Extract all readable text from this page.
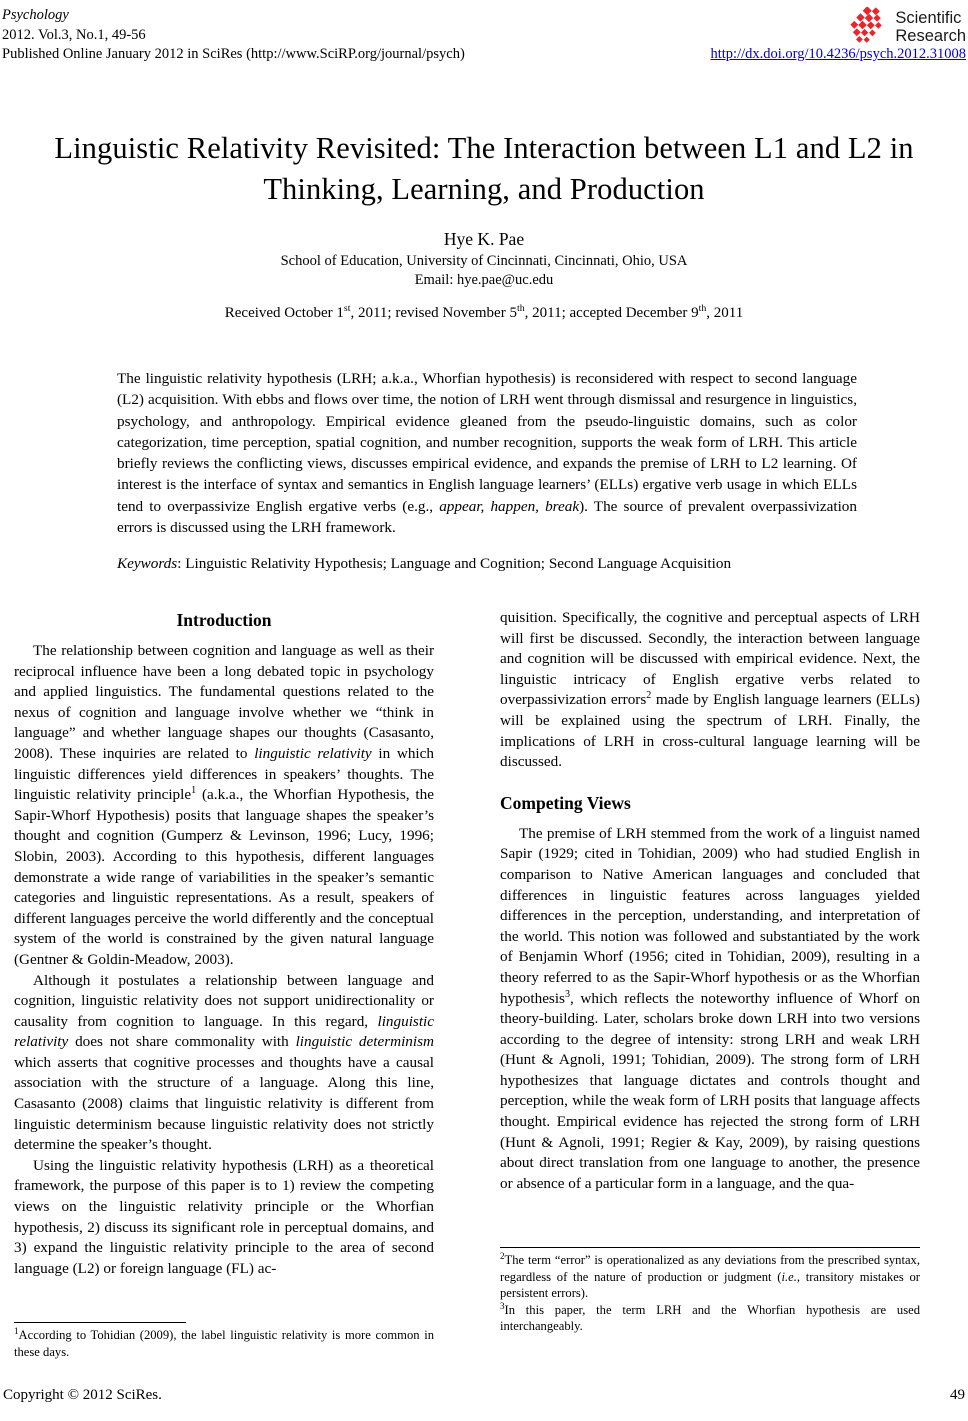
Psychology
2012. Vol.3, No.1, 49-56
Published Online January 2012 in SciRes (http://www.SciRP.org/journal/psych)
Scientific
Research
http://dx.doi.org/10.4236/psych.2012.31008
Linguistic Relativity Revisited: The Interaction between L1 and L2 in Thinking, Learning, and Production
Hye K. Pae
School of Education, University of Cincinnati, Cincinnati, Ohio, USA
Email: hye.pae@uc.edu
Received October 1st, 2011; revised November 5th, 2011; accepted December 9th, 2011
The linguistic relativity hypothesis (LRH; a.k.a., Whorfian hypothesis) is reconsidered with respect to second language (L2) acquisition. With ebbs and flows over time, the notion of LRH went through dismissal and resurgence in linguistics, psychology, and anthropology. Empirical evidence gleaned from the pseudo-linguistic domains, such as color categorization, time perception, spatial cognition, and number recognition, supports the weak form of LRH. This article briefly reviews the conflicting views, discusses empirical evidence, and expands the premise of LRH to L2 learning. Of interest is the interface of syntax and semantics in English language learners’ (ELLs) ergative verb usage in which ELLs tend to overpassivize English ergative verbs (e.g., appear, happen, break). The source of prevalent overpassivization errors is discussed using the LRH framework.
Keywords: Linguistic Relativity Hypothesis; Language and Cognition; Second Language Acquisition
Introduction

The relationship between cognition and language as well as their reciprocal influence have been a long debated topic in psychology and applied linguistics. The fundamental questions related to the nexus of cognition and language involve whether we “think in language” and whether language shapes our thoughts (Casasanto, 2008). These inquiries are related to linguistic relativity in which linguistic differences yield differences in speakers’ thoughts. The linguistic relativity principle$^1$ (a.k.a., the Whorfian Hypothesis, the Sapir-Whorf Hypothesis) posits that language shapes the speaker’s thought and cognition (Gumperz & Levinson, 1996; Lucy, 1996; Slobin, 2003). According to this hypothesis, different languages demonstrate a wide range of variabilities in the speaker’s semantic categories and linguistic representations. As a result, speakers of different languages perceive the world differently and the conceptual system of the world is constrained by the given natural language (Gentner & Goldin-Meadow, 2003).

Although it postulates a relationship between language and cognition, linguistic relativity does not support unidirectionality or causality from cognition to language. In this regard, linguistic relativity does not share commonality with linguistic determinism which asserts that cognitive processes and thoughts have a causal association with the structure of a language. Along this line, Casasanto (2008) claims that linguistic relativity is different from linguistic determinism because linguistic relativity does not strictly determine the speaker’s thought.

Using the linguistic relativity hypothesis (LRH) as a theoretical framework, the purpose of this paper is to 1) review the competing views on the linguistic relativity principle or the Whorfian hypothesis, 2) discuss its significant role in perceptual domains, and 3) expand the linguistic relativity principle to the area of second language (L2) or foreign language (FL) ac-

quisition. Specifically, the cognitive and perceptual aspects of LRH will first be discussed. Secondly, the interaction between language and cognition will be discussed with empirical evidence. Next, the linguistic intricacy of English ergative verbs related to overpassivization errors$^2$ made by English language learners (ELLs) will be explained using the spectrum of LRH. Finally, the implications of LRH in cross-cultural language learning will be discussed.

Competing Views

The premise of LRH stemmed from the work of a linguist named Sapir (1929; cited in Tohidian, 2009) who had studied English in comparison to Native American languages and concluded that differences in linguistic features across languages yielded differences in the perception, understanding, and interpretation of the world. This notion was followed and substantiated by the work of Benjamin Whorf (1956; cited in Tohidian, 2009), resulting in a theory referred to as the Sapir-Whorf hypothesis or as the Whorfian hypothesis$^3$, which reflects the noteworthy influence of Whorf on theory-building. Later, scholars broke down LRH into two versions according to the degree of intensity: strong LRH and weak LRH (Hunt & Agnoli, 1991; Tohidian, 2009). The strong form of LRH hypothesizes that language dictates and controls thought and perception, while the weak form of LRH posits that language affects thought. Empirical evidence has rejected the strong form of LRH (Hunt & Agnoli, 1991; Regier & Kay, 2009), by raising questions about direct translation from one language to another, the presence or absence of a particular form in a language, and the qua-

$^1$According to Tohidian (2009), the label linguistic relativity is more common in these days.

$^2$The term “error” is operationalized as any deviations from the prescribed syntax, regardless of the nature of production or judgment (i.e., transitory mistakes or persistent errors).

$^3$In this paper, the term LRH and the Whorfian hypothesis are used interchangeably.

Copyright © 2012 SciRes.	49
